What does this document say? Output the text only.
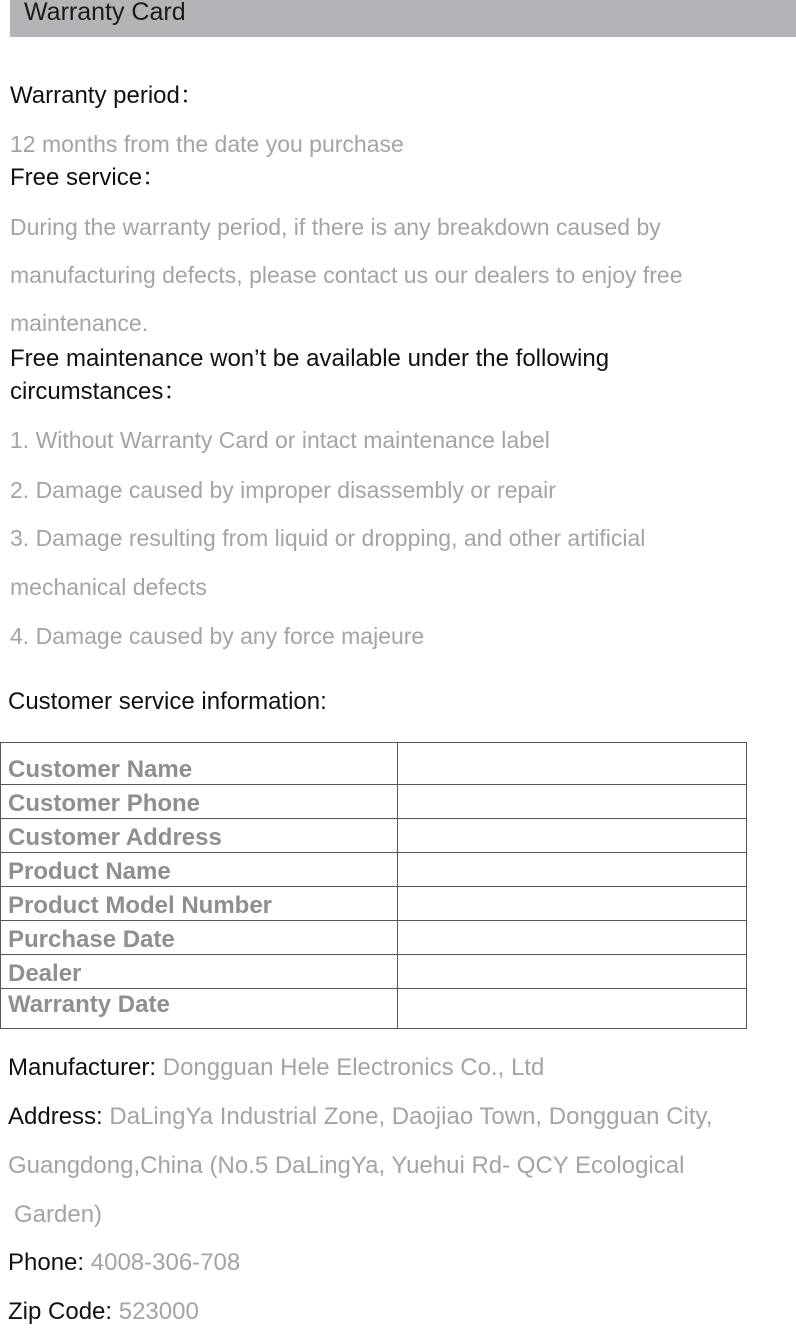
Warranty Card
Warranty period：
12 months from the date you purchase
Free service：
During the warranty period, if there is any breakdown caused by
manufacturing defects, please contact us our dealers to enjoy free
maintenance.
Free maintenance won’t be available under the following
circumstances：
1. Without Warranty Card or intact maintenance label
2. Damage caused by improper disassembly or repair
3. Damage resulting from liquid or dropping, and other artificial
mechanical defects
4. Damage caused by any force majeure
Customer service information:
Customer Name	
Customer Phone	
Customer Address	
Product Name	
Product Model Number	
Purchase Date	
Dealer	
Warranty Date	
Manufacturer: Dongguan Hele Electronics Co., Ltd
Address: DaLingYa Industrial Zone, Daojiao Town, Dongguan City,
Guangdong,China (No.5 DaLingYa, Yuehui Rd- QCY Ecological
Garden)
Phone: 4008-306-708
Zip Code: 523000
